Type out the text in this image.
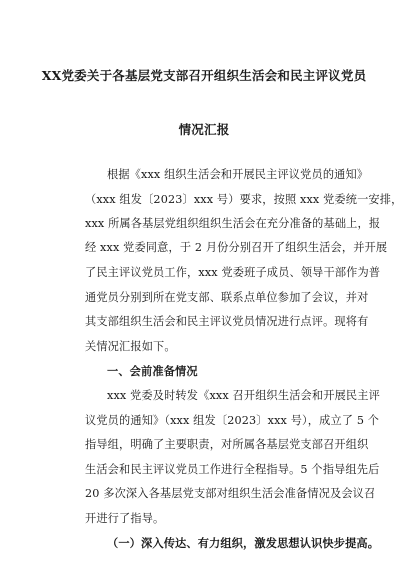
XX党委关于各基层党支部召开组织生活会和民主评议党员
情况汇报
根据《xxx 组织生活会和开展民主评议党员的通知》
（xxx 组发〔2023〕xxx 号）要求，按照 xxx 党委统一安排，
xxx 所属各基层党组织组织生活会在充分准备的基础上，报
经 xxx 党委同意，于 2 月份分别召开了组织生活会，并开展
了民主评议党员工作，xxx 党委班子成员、领导干部作为普
通党员分别到所在党支部、联系点单位参加了会议，并对
其支部组织生活会和民主评议党员情况进行点评。现将有
关情况汇报如下。
一、会前准备情况
xxx 党委及时转发《xxx 召开组织生活会和开展民主评
议党员的通知》（xxx 组发〔2023〕xxx 号），成立了 5 个
指导组，明确了主要职责，对所属各基层党支部召开组织
生活会和民主评议党员工作进行全程指导。5 个指导组先后
20 多次深入各基层党支部对组织生活会准备情况及会议召
开进行了指导。
（一）深入传达、有力组织，激发思想认识快步提高。
